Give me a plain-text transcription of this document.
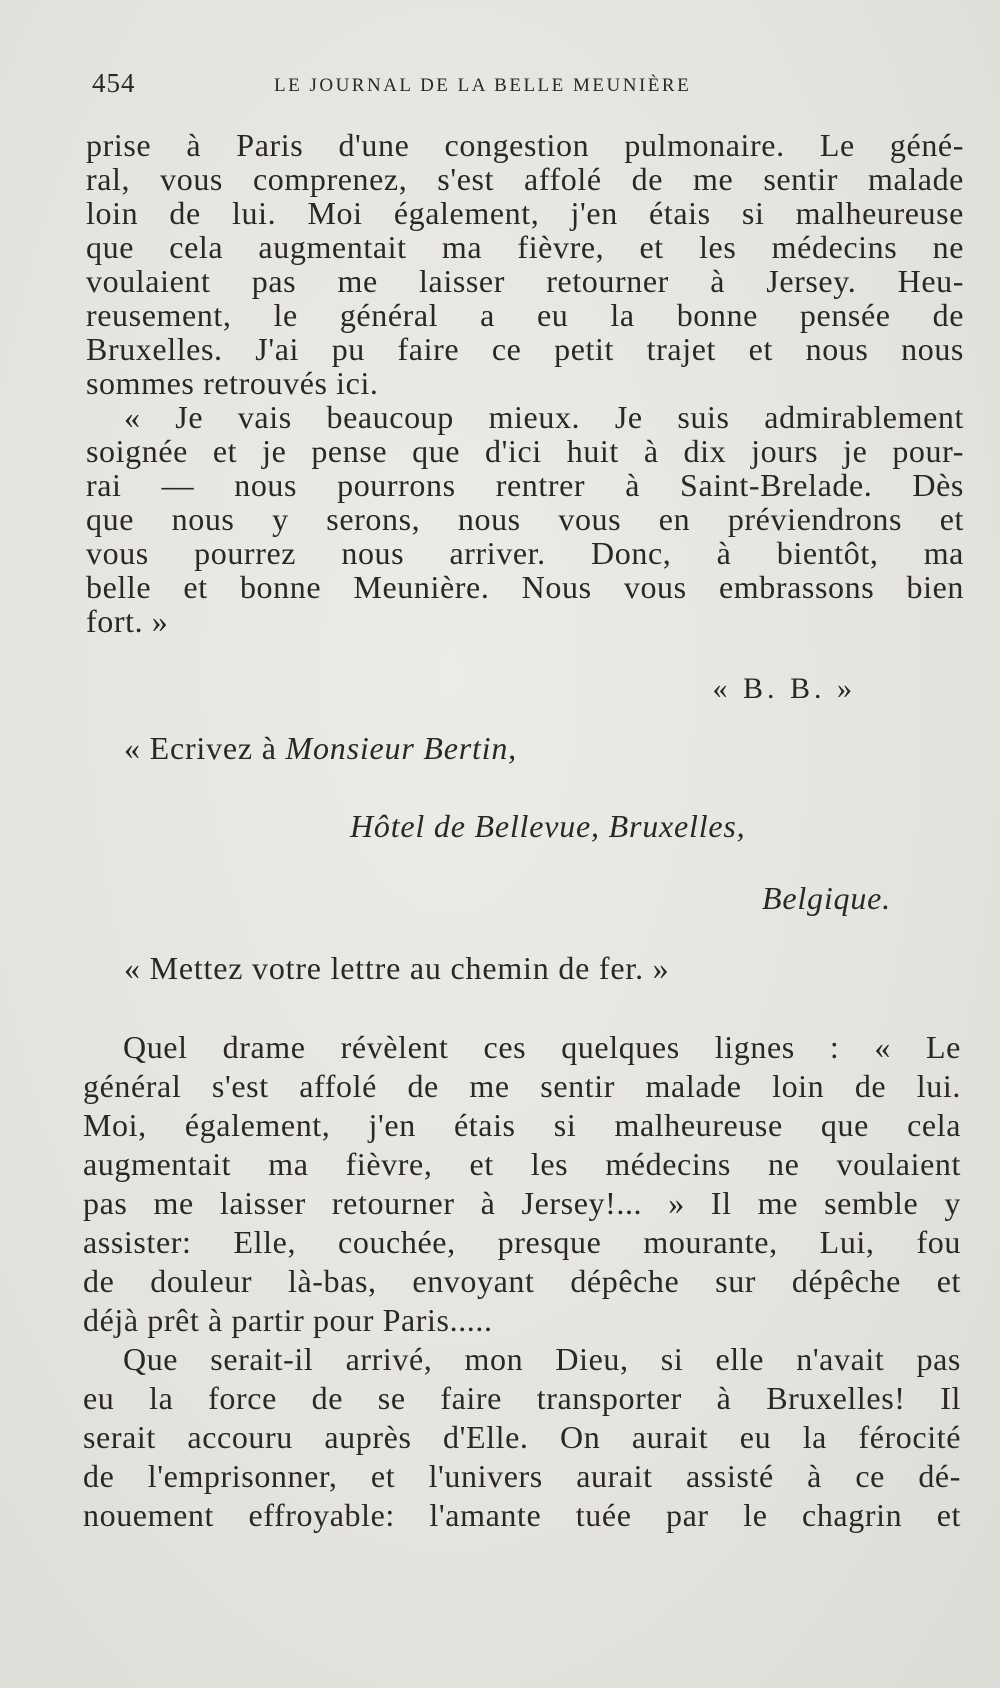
454	LE JOURNAL DE LA BELLE MEUNIÈRE
prise à Paris d'une congestion pulmonaire. Le géné-
ral, vous comprenez, s'est affolé de me sentir malade
loin de lui. Moi également, j'en étais si malheureuse
que cela augmentait ma fièvre, et les médecins ne
voulaient pas me laisser retourner à Jersey. Heu-
reusement, le général a eu la bonne pensée de
Bruxelles. J'ai pu faire ce petit trajet et nous nous
sommes retrouvés ici.
« Je vais beaucoup mieux. Je suis admirablement
soignée et je pense que d'ici huit à dix jours je pour-
rai — nous pourrons rentrer à Saint-Brelade. Dès
que nous y serons, nous vous en préviendrons et
vous pourrez nous arriver. Donc, à bientôt, ma
belle et bonne Meunière. Nous vous embrassons bien
fort. »
« B. B. »
« Ecrivez à Monsieur Bertin,
Hôtel de Bellevue, Bruxelles,
Belgique.
« Mettez votre lettre au chemin de fer. »
Quel drame révèlent ces quelques lignes : « Le
général s'est affolé de me sentir malade loin de lui.
Moi, également, j'en étais si malheureuse que cela
augmentait ma fièvre, et les médecins ne voulaient
pas me laisser retourner à Jersey!... » Il me semble y
assister: Elle, couchée, presque mourante, Lui, fou
de douleur là-bas, envoyant dépêche sur dépêche et
déjà prêt à partir pour Paris.....
Que serait-il arrivé, mon Dieu, si elle n'avait pas
eu la force de se faire transporter à Bruxelles! Il
serait accouru auprès d'Elle. On aurait eu la férocité
de l'emprisonner, et l'univers aurait assisté à ce dé-
nouement effroyable: l'amante tuée par le chagrin et
